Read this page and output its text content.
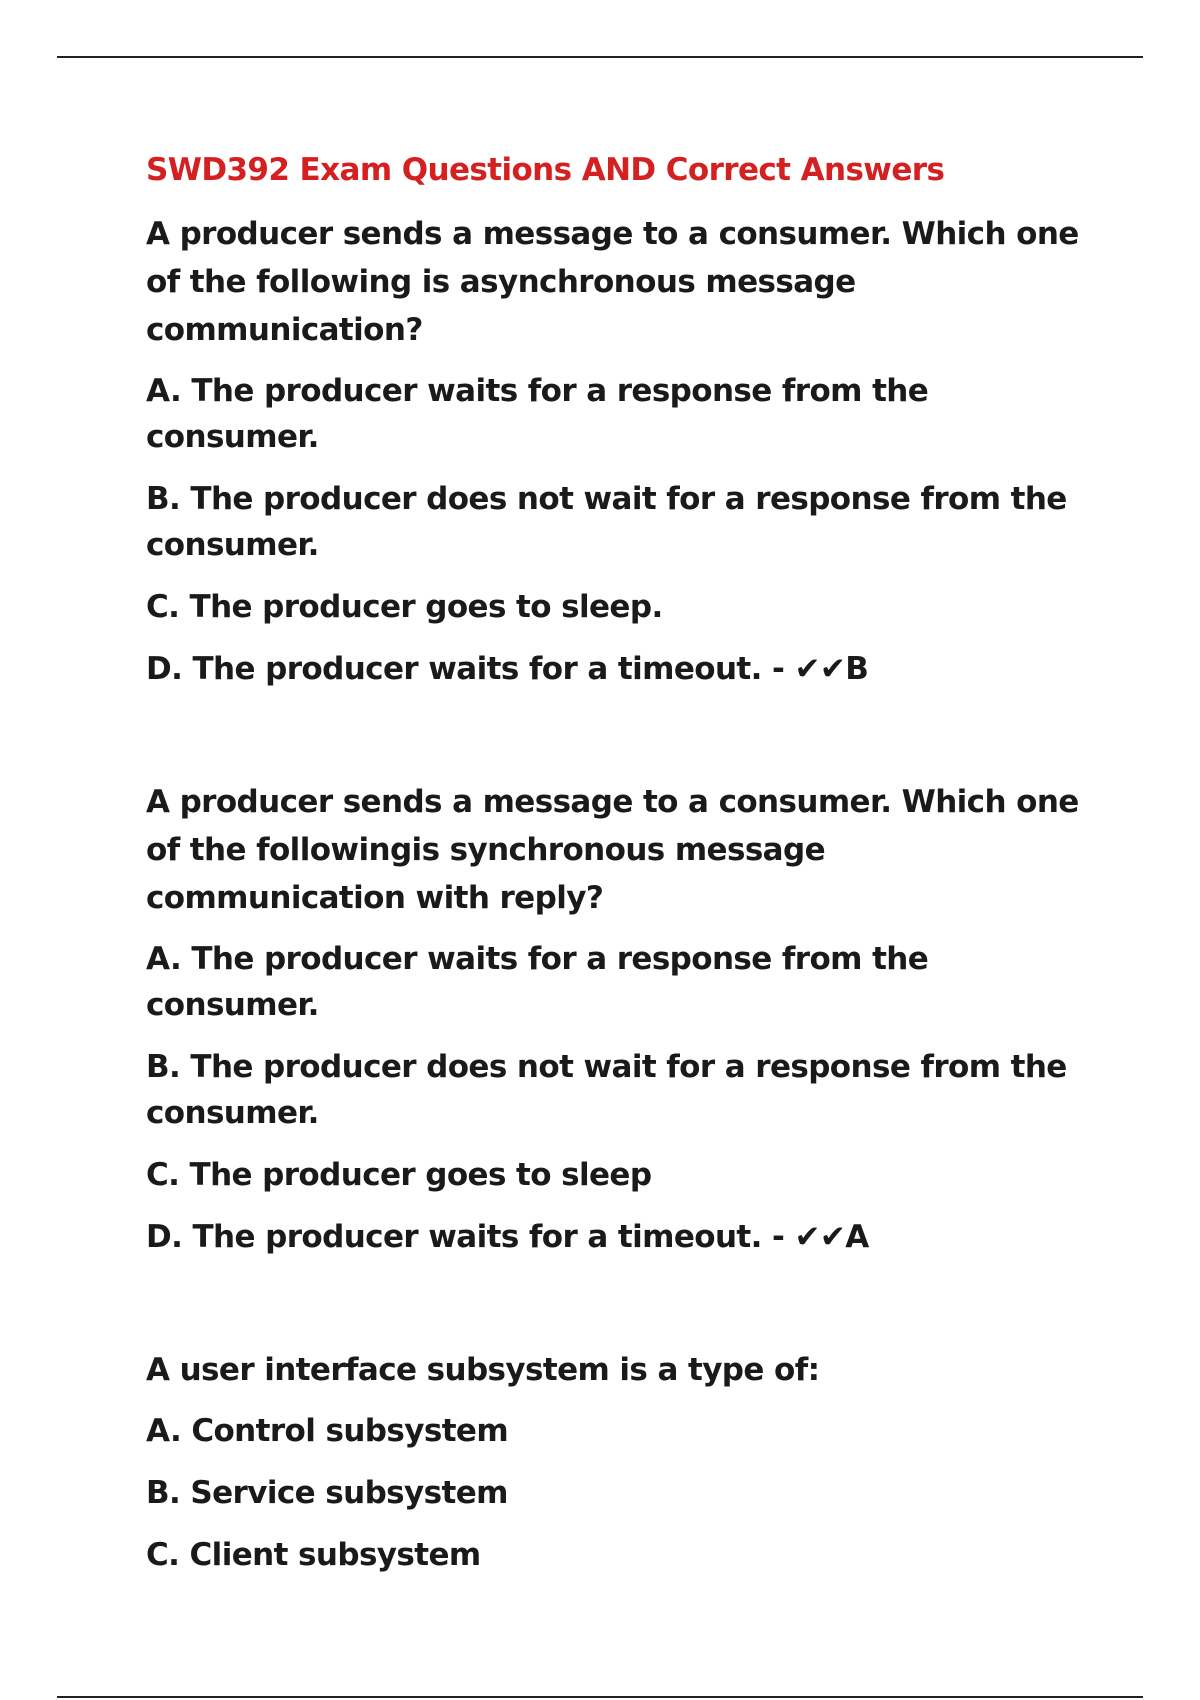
SWD392 Exam Questions AND Correct Answers
A producer sends a message to a consumer. Which one of the following is asynchronous message communication?
A. The producer waits for a response from the consumer.
B. The producer does not wait for a response from the consumer.
C. The producer goes to sleep.
D. The producer waits for a timeout. - ✔✔B
A producer sends a message to a consumer. Which one of the followingis synchronous message communication with reply?
A. The producer waits for a response from the consumer.
B. The producer does not wait for a response from the consumer.
C. The producer goes to sleep
D. The producer waits for a timeout. - ✔✔A
A user interface subsystem is a type of:
A. Control subsystem
B. Service subsystem
C. Client subsystem
